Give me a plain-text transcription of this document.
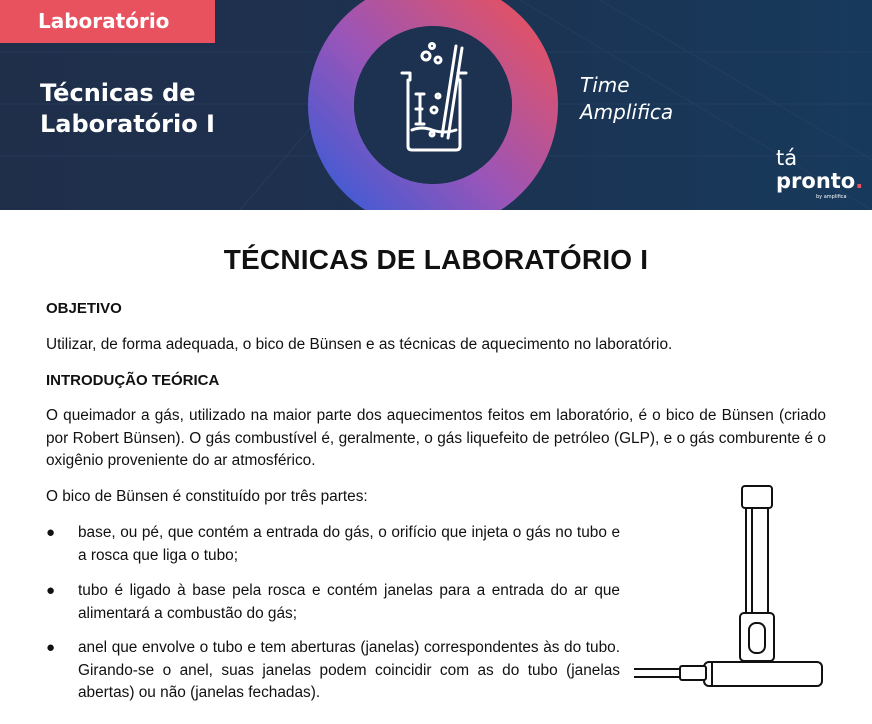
Laboratório
Técnicas de Laboratório I
Time
Amplifica
tá
pronto.
by amplifica
TÉCNICAS DE LABORATÓRIO I
OBJETIVO
Utilizar, de forma adequada, o bico de Bünsen e as técnicas de aquecimento no laboratório.
INTRODUÇÃO TEÓRICA
O queimador a gás, utilizado na maior parte dos aquecimentos feitos em laboratório, é o bico de Bünsen (criado por Robert Bünsen). O gás combustível é, geralmente, o gás liquefeito de petróleo (GLP), e o gás comburente é o oxigênio proveniente do ar atmosférico.
O bico de Bünsen é constituído por três partes:
● base, ou pé, que contém a entrada do gás, o orifício que injeta o gás no tubo e a rosca que liga o tubo;
● tubo é ligado à base pela rosca e contém janelas para a entrada do ar que alimentará a combustão do gás;
● anel que envolve o tubo e tem aberturas (janelas) correspondentes às do tubo. Girando-se o anel, suas janelas podem coincidir com as do tubo (janelas abertas) ou não (janelas fechadas).
